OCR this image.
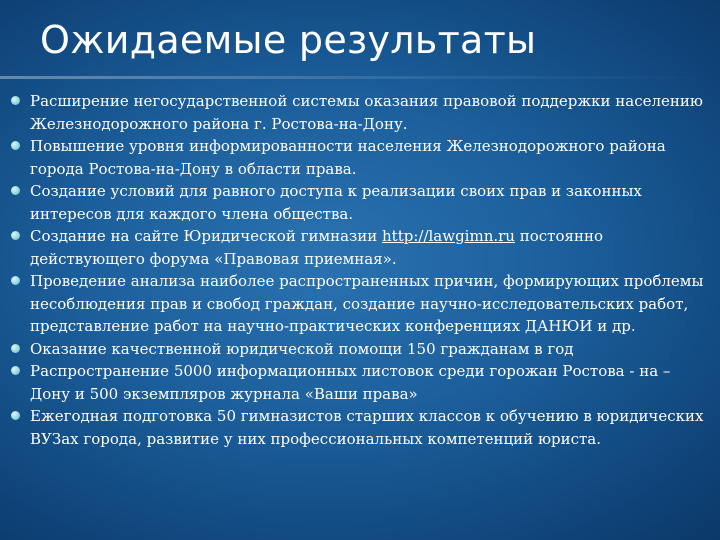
Ожидаемые результаты
Расширение негосударственной системы оказания правовой поддержки населению Железнодорожного района г. Ростова-на-Дону.
Повышение уровня информированности населения Железнодорожного района города Ростова-на-Дону в области права.
Создание условий для равного доступа к реализации своих прав и законных интересов для каждого члена общества.
Создание на сайте Юридической гимназии http://lawgimn.ru постоянно действующего форума «Правовая приемная».
Проведение анализа наиболее распространенных причин, формирующих проблемы несоблюдения прав и свобод граждан, создание научно-исследовательских работ, представление работ на научно-практических конференциях ДАНЮИ и др.
Оказание качественной юридической помощи 150 гражданам в год
Распространение 5000 информационных листовок среди горожан Ростова - на – Дону и 500 экземпляров журнала «Ваши права»
Ежегодная подготовка 50 гимназистов старших классов к обучению в юридических ВУЗах города, развитие у них профессиональных компетенций юриста.
